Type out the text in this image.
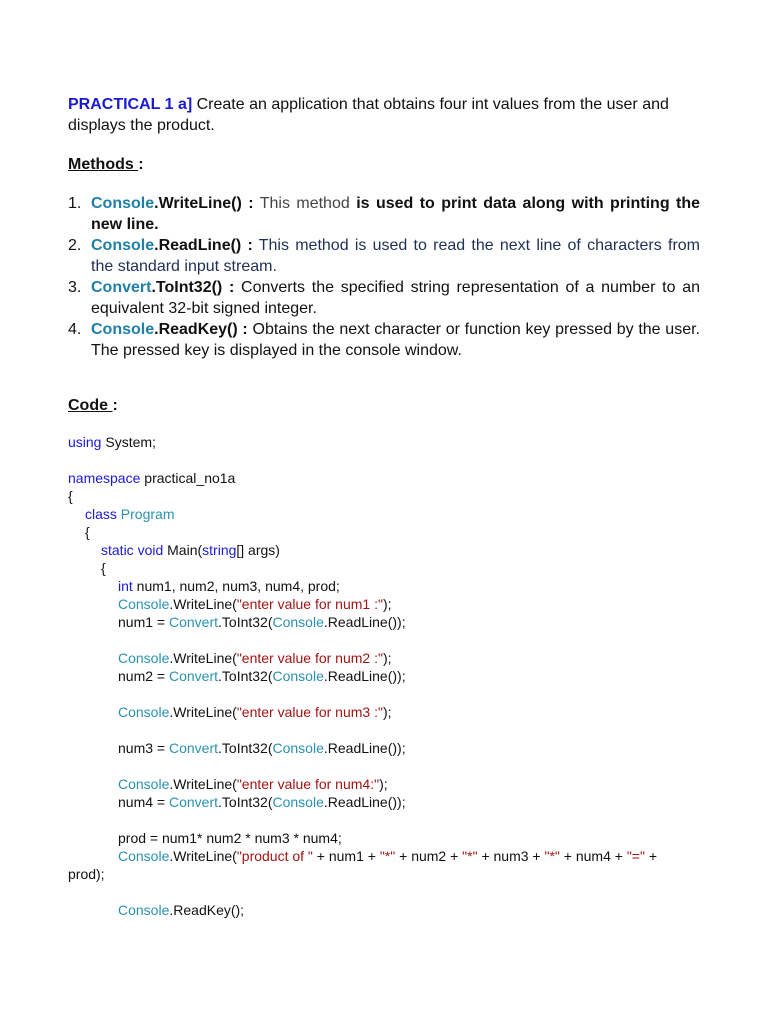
PRACTICAL 1 a] Create an application that obtains four int values from the user and displays the product.
Methods :
1. Console.WriteLine() : This method is used to print data along with printing the new line.
2. Console.ReadLine() : This method is used to read the next line of characters from the standard input stream.
3. Convert.ToInt32() : Converts the specified string representation of a number to an equivalent 32-bit signed integer.
4. Console.ReadKey() : Obtains the next character or function key pressed by the user. The pressed key is displayed in the console window.
Code :
using System;
namespace practical_no1a
{
class Program
{
static void Main(string[] args)
{
int num1, num2, num3, num4, prod;
Console.WriteLine("enter value for num1 :");
num1 = Convert.ToInt32(Console.ReadLine());
Console.WriteLine("enter value for num2 :");
num2 = Convert.ToInt32(Console.ReadLine());
Console.WriteLine("enter value for num3 :");
num3 = Convert.ToInt32(Console.ReadLine());
Console.WriteLine("enter value for num4:");
num4 = Convert.ToInt32(Console.ReadLine());
prod = num1* num2 * num3 * num4;
Console.WriteLine("product of " + num1 + "*" + num2 + "*" + num3 + "*" + num4 + "=" +
prod);
Console.ReadKey();
